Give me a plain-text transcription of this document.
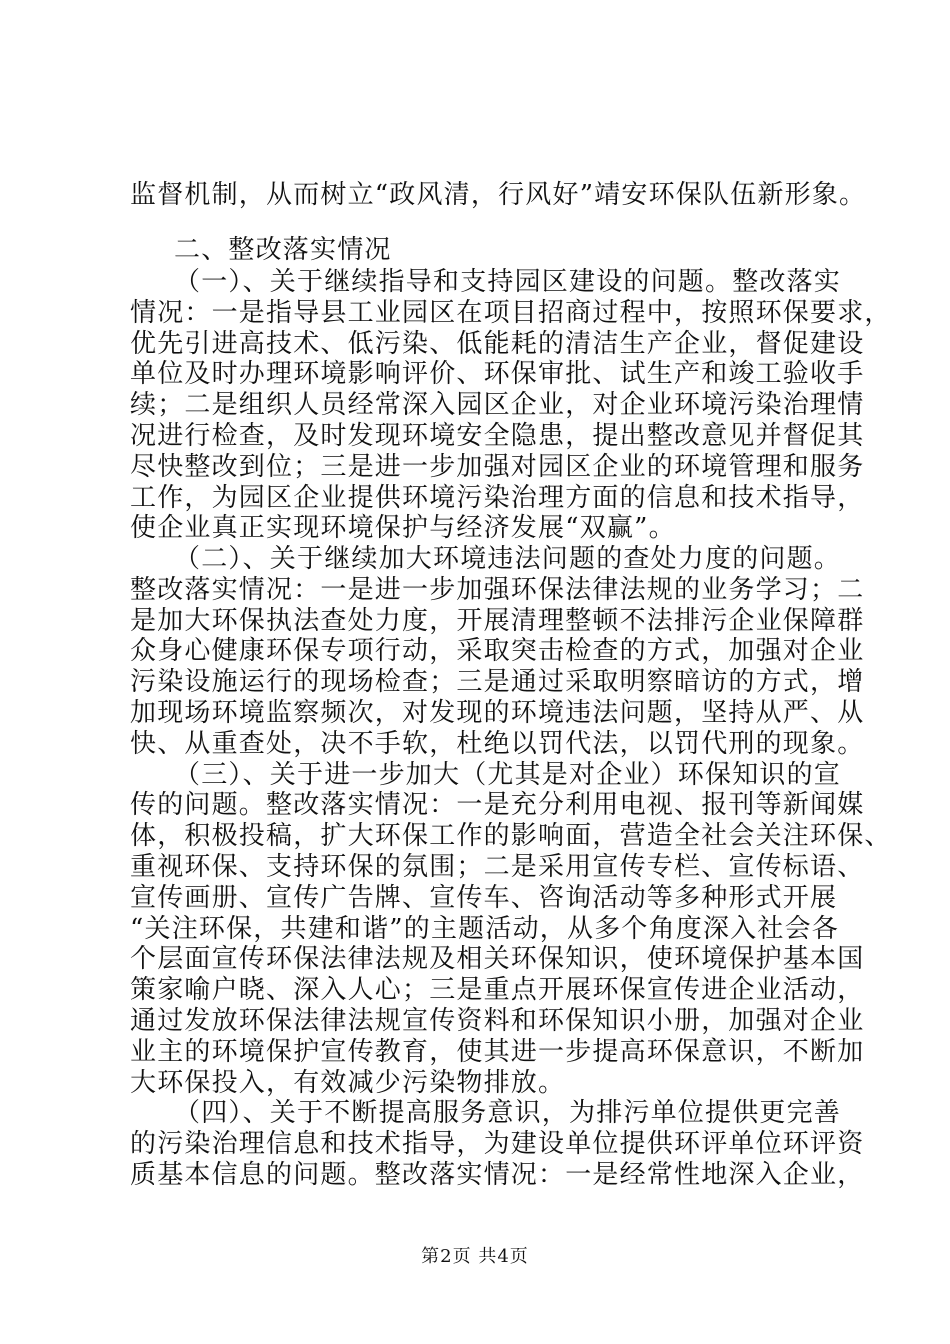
监督机制，从而树立“政风清，行风好”靖安环保队伍新形象。
二、整改落实情况
（一）、关于继续指导和支持园区建设的问题。整改落实
情况：一是指导县工业园区在项目招商过程中，按照环保要求，
优先引进高技术、低污染、低能耗的清洁生产企业，督促建设
单位及时办理环境影响评价、环保审批、试生产和竣工验收手
续；二是组织人员经常深入园区企业，对企业环境污染治理情
况进行检查，及时发现环境安全隐患，提出整改意见并督促其
尽快整改到位；三是进一步加强对园区企业的环境管理和服务
工作，为园区企业提供环境污染治理方面的信息和技术指导，
使企业真正实现环境保护与经济发展“双赢”。
（二）、关于继续加大环境违法问题的查处力度的问题。
整改落实情况：一是进一步加强环保法律法规的业务学习；二
是加大环保执法查处力度，开展清理整顿不法排污企业保障群
众身心健康环保专项行动，采取突击检查的方式，加强对企业
污染设施运行的现场检查；三是通过采取明察暗访的方式，增
加现场环境监察频次，对发现的环境违法问题，坚持从严、从
快、从重查处，决不手软，杜绝以罚代法，以罚代刑的现象。
（三）、关于进一步加大（尤其是对企业）环保知识的宣
传的问题。整改落实情况：一是充分利用电视、报刊等新闻媒
体，积极投稿，扩大环保工作的影响面，营造全社会关注环保、
重视环保、支持环保的氛围；二是采用宣传专栏、宣传标语、
宣传画册、宣传广告牌、宣传车、咨询活动等多种形式开展
“关注环保，共建和谐”的主题活动，从多个角度深入社会各
个层面宣传环保法律法规及相关环保知识，使环境保护基本国
策家喻户晓、深入人心；三是重点开展环保宣传进企业活动，
通过发放环保法律法规宣传资料和环保知识小册，加强对企业
业主的环境保护宣传教育，使其进一步提高环保意识，不断加
大环保投入，有效减少污染物排放。
（四）、关于不断提高服务意识，为排污单位提供更完善
的污染治理信息和技术指导，为建设单位提供环评单位环评资
质基本信息的问题。整改落实情况：一是经常性地深入企业，
第2页 共4页
